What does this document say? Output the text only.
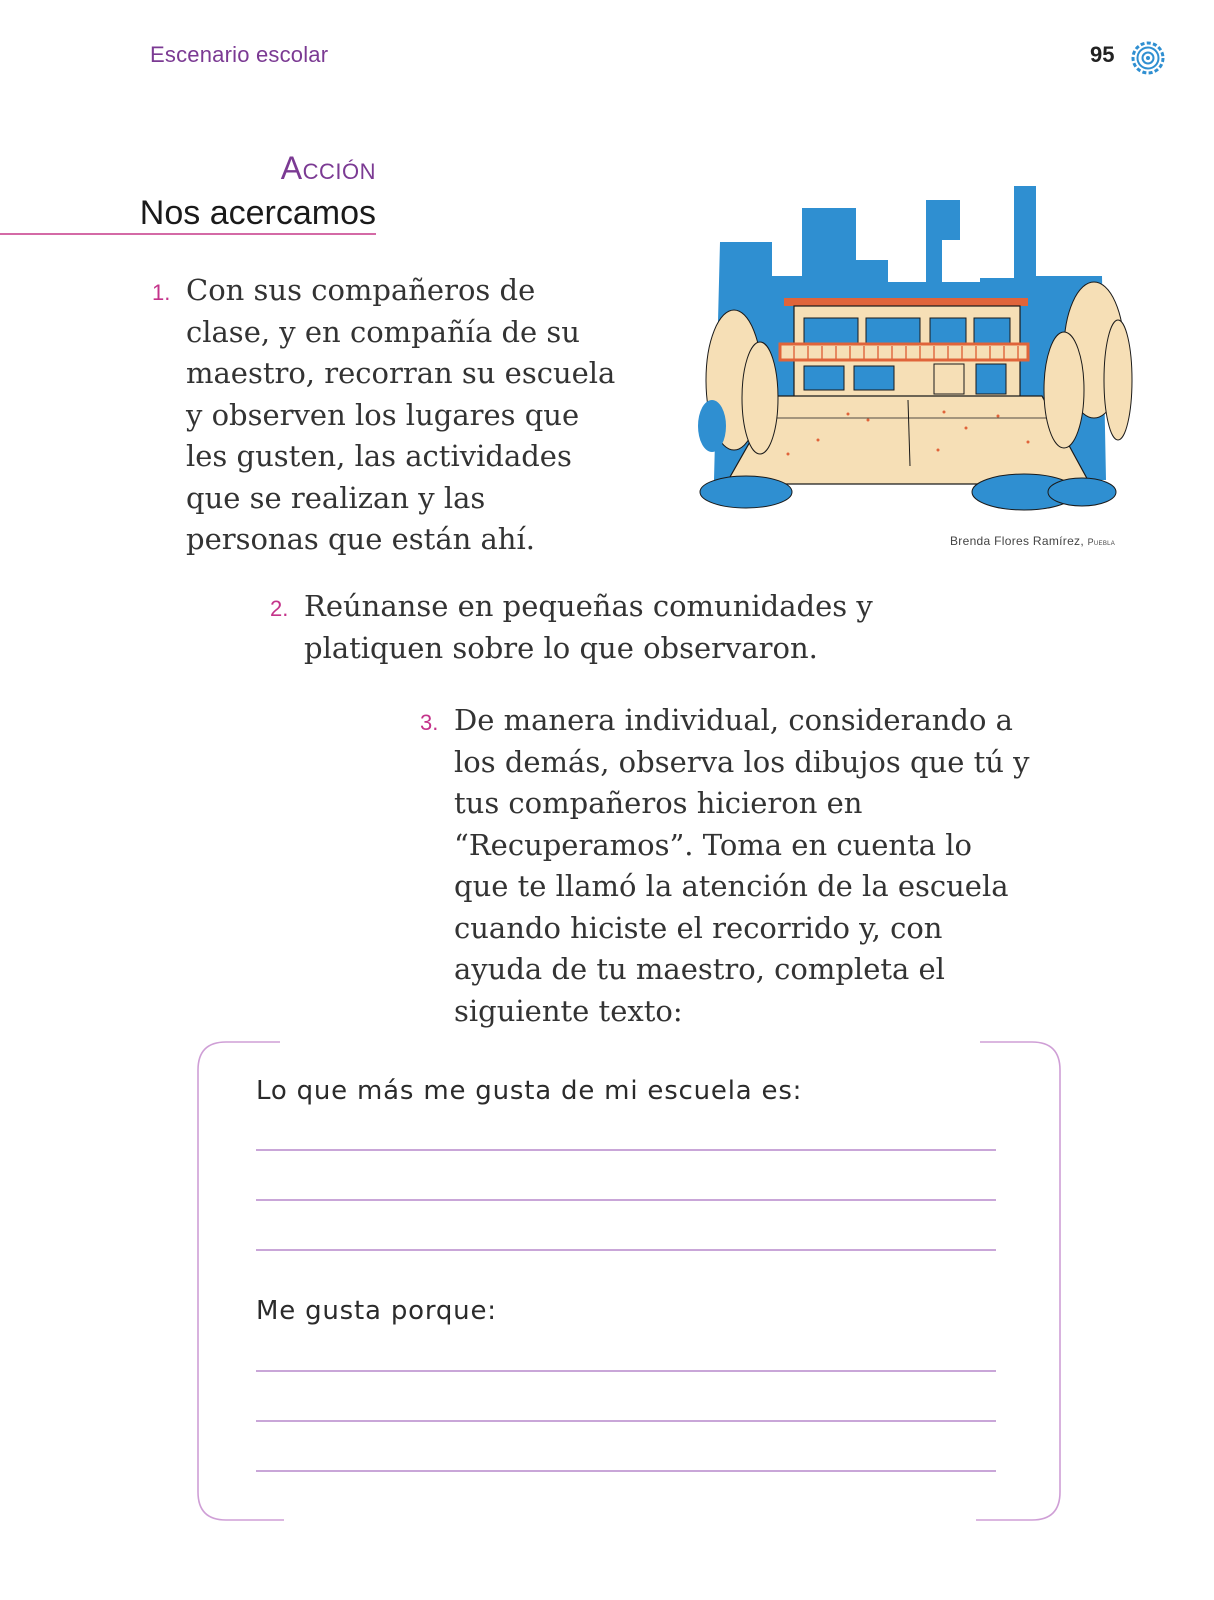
Escenario escolar	95
Acción
Nos acercamos
1. Con sus compañeros de clase, y en compañía de su maestro, recorran su escuela y observen los lugares que les gusten, las actividades que se realizan y las personas que están ahí.	Brenda Flores Ramírez, Puebla
2. Reúnanse en pequeñas comunidades y platiquen sobre lo que observaron.
3. De manera individual, considerando a los demás, observa los dibujos que tú y tus compañeros hicieron en “Recuperamos”. Toma en cuenta lo que te llamó la atención de la escuela cuando hiciste el recorrido y, con ayuda de tu maestro, completa el siguiente texto:
Lo que más me gusta de mi escuela es:
Me gusta porque:
